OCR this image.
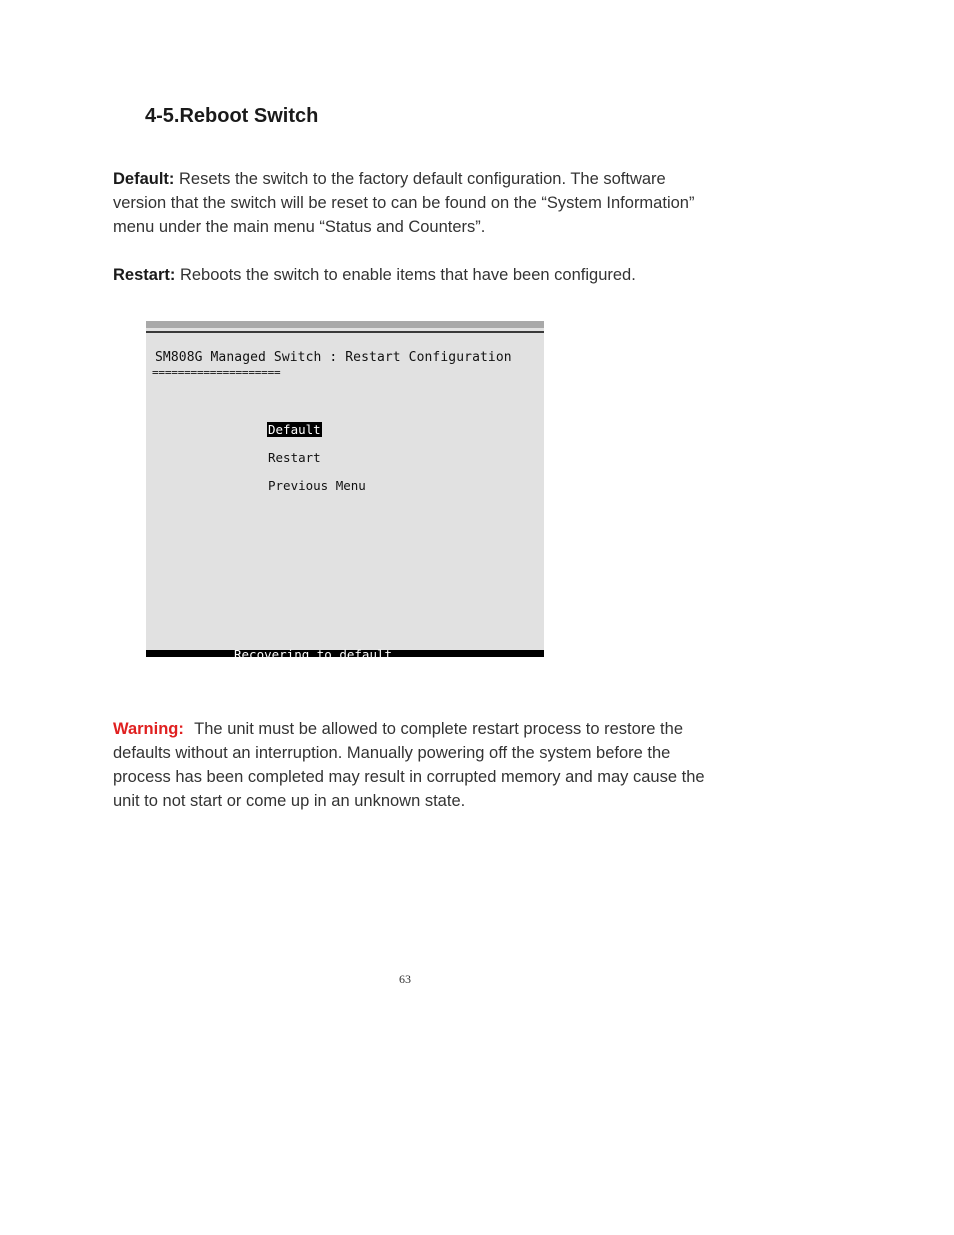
4-5.Reboot Switch
Default: Resets the switch to the factory default configuration. The software version that the switch will be reset to can be found on the “System Information” menu under the main menu “Status and Counters”.
Restart: Reboots the switch to enable items that have been configured.
SM808G Managed Switch : Restart Configuration
====================
Default
Restart
Previous Menu
Recovering to default
Warning: The unit must be allowed to complete restart process to restore the defaults without an interruption. Manually powering off the system before the process has been completed may result in corrupted memory and may cause the unit to not start or come up in an unknown state.
63
